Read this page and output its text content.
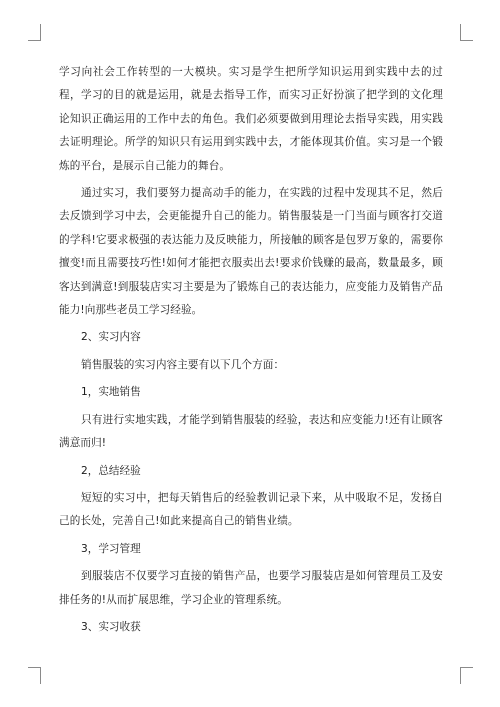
学习向社会工作转型的一大模块。实习是学生把所学知识运用到实践中去的过程，学习的目的就是运用，就是去指导工作，而实习正好扮演了把学到的文化理论知识正确运用的工作中去的角色。我们必须要做到用理论去指导实践，用实践去证明理论。所学的知识只有运用到实践中去，才能体现其价值。实习是一个锻炼的平台，是展示自己能力的舞台。

通过实习，我们要努力提高动手的能力，在实践的过程中发现其不足，然后去反馈到学习中去，会更能提升自己的能力。销售服装是一门当面与顾客打交道的学科!它要求极强的表达能力及反映能力，所接触的顾客是包罗万象的，需要你擅变!而且需要技巧性!如何才能把衣服卖出去!要求价钱赚的最高，数量最多，顾客达到满意!到服装店实习主要是为了锻炼自己的表达能力，应变能力及销售产品能力!向那些老员工学习经验。

2、实习内容

销售服装的实习内容主要有以下几个方面：

1，实地销售

只有进行实地实践，才能学到销售服装的经验，表达和应变能力!还有让顾客满意而归!

2，总结经验

短短的实习中，把每天销售后的经验教训记录下来，从中吸取不足，发扬自己的长处，完善自己!如此来提高自己的销售业绩。

3，学习管理

到服装店不仅要学习直接的销售产品，也要学习服装店是如何管理员工及安排任务的!从而扩展思维，学习企业的管理系统。

3、实习收获
